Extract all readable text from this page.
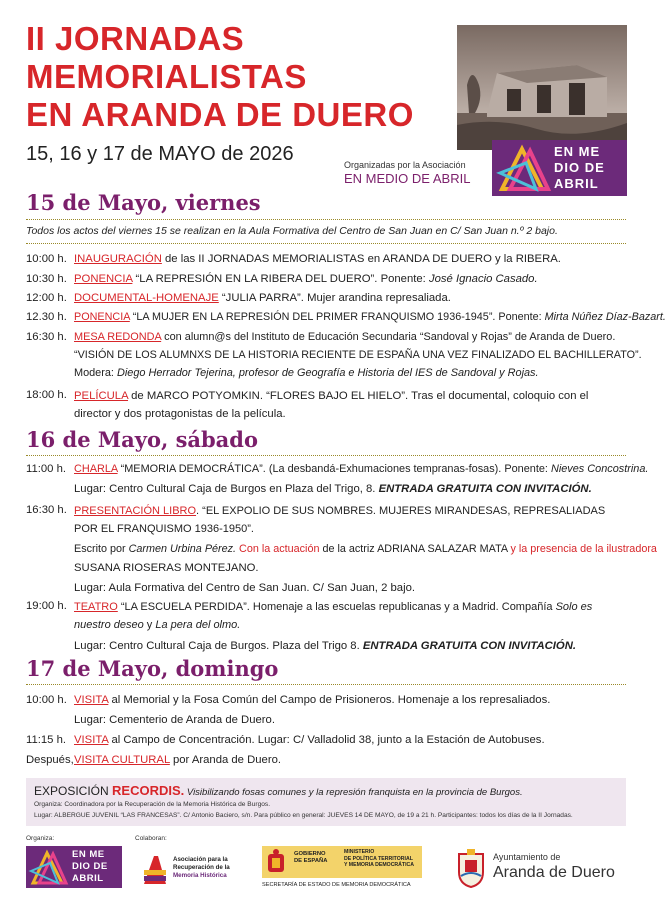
II JORNADAS
MEMORIALISTAS
EN ARANDA DE DUERO
15, 16 y 17 de MAYO de 2026	Organizadas por la Asociación
EN MEDIO DE ABRIL
EN ME
DIO DE
ABRIL
15 de Mayo, viernes
Todos los actos del viernes 15 se realizan en la Aula Formativa del Centro de San Juan en C/ San Juan n.º 2 bajo.
10:00 h. INAUGURACIÓN de las II JORNADAS MEMORIALISTAS en ARANDA DE DUERO y la RIBERA.
10:30 h. PONENCIA “LA REPRESIÓN EN LA RIBERA DEL DUERO”. Ponente: José Ignacio Casado.
12:00 h. DOCUMENTAL-HOMENAJE “JULIA PARRA”. Mujer arandina represaliada.
12.30 h. PONENCIA “LA MUJER EN LA REPRESIÓN DEL PRIMER FRANQUISMO 1936-1945”. Ponente: Mirta Núñez Díaz-Bazart.
16:30 h. MESA REDONDA con alumn@s del Instituto de Educación Secundaria “Sandoval y Rojas” de Aranda de Duero.
“VISIÓN DE LOS ALUMNXS DE LA HISTORIA RECIENTE DE ESPAÑA UNA VEZ FINALIZADO EL BACHILLERATO”.
Modera: Diego Herrador Tejerina, profesor de Geografía e Historia del IES de Sandoval y Rojas.
18:00 h. PELÍCULA de MARCO POTYOMKIN. “FLORES BAJO EL HIELO”. Tras el documental, coloquio con el director y dos protagonistas de la película.
16 de Mayo, sábado
11:00 h. CHARLA “MEMORIA DEMOCRÁTICA”. (La desbandá-Exhumaciones tempranas-fosas). Ponente: Nieves Concostrina.
Lugar: Centro Cultural Caja de Burgos en Plaza del Trigo, 8. ENTRADA GRATUITA CON INVITACIÓN.
16:30 h. PRESENTACIÓN LIBRO. “EL EXPOLIO DE SUS NOMBRES. MUJERES MIRANDESAS, REPRESALIADAS POR EL FRANQUISMO 1936-1950”.
Escrito por Carmen Urbina Pérez. Con la actuación de la actriz ADRIANA SALAZAR MATA y la presencia de la ilustradora
SUSANA RIOSERAS MONTEJANO.
Lugar: Aula Formativa del Centro de San Juan. C/ San Juan, 2 bajo.
19:00 h. TEATRO “LA ESCUELA PERDIDA”. Homenaje a las escuelas republicanas y a Madrid. Compañía Solo es nuestro deseo y La pera del olmo.
Lugar: Centro Cultural Caja de Burgos. Plaza del Trigo 8. ENTRADA GRATUITA CON INVITACIÓN.
17 de Mayo, domingo
10:00 h. VISITA al Memorial y la Fosa Común del Campo de Prisioneros. Homenaje a los represaliados.
Lugar: Cementerio de Aranda de Duero.
11:15 h. VISITA al Campo de Concentración. Lugar: C/ Valladolid 38, junto a la Estación de Autobuses.
Después, VISITA CULTURAL por Aranda de Duero.
EXPOSICIÓN RECORDIS. Visibilizando fosas comunes y la represión franquista en la provincia de Burgos.
Organiza: Coordinadora por la Recuperación de la Memoria Histórica de Burgos.
Lugar: ALBERGUE JUVENIL “LAS FRANCESAS”. C/ Antonio Baciero, s/n. Para público en general: JUEVES 14 DE MAYO, de 19 a 21 h. Participantes: todos los días de la II Jornadas.
Organiza:	Colaboran:
EN ME
DIO DE
ABRIL
Asociación para la
Recuperación de la
Memoria Histórica
GOBIERNO
DE ESPAÑA
MINISTERIO
DE POLÍTICA TERRITORIAL
Y MEMORIA DEMOCRÁTICA
SECRETARÍA DE ESTADO DE MEMORIA DEMOCRÁTICA
Ayuntamiento de
Aranda de Duero
